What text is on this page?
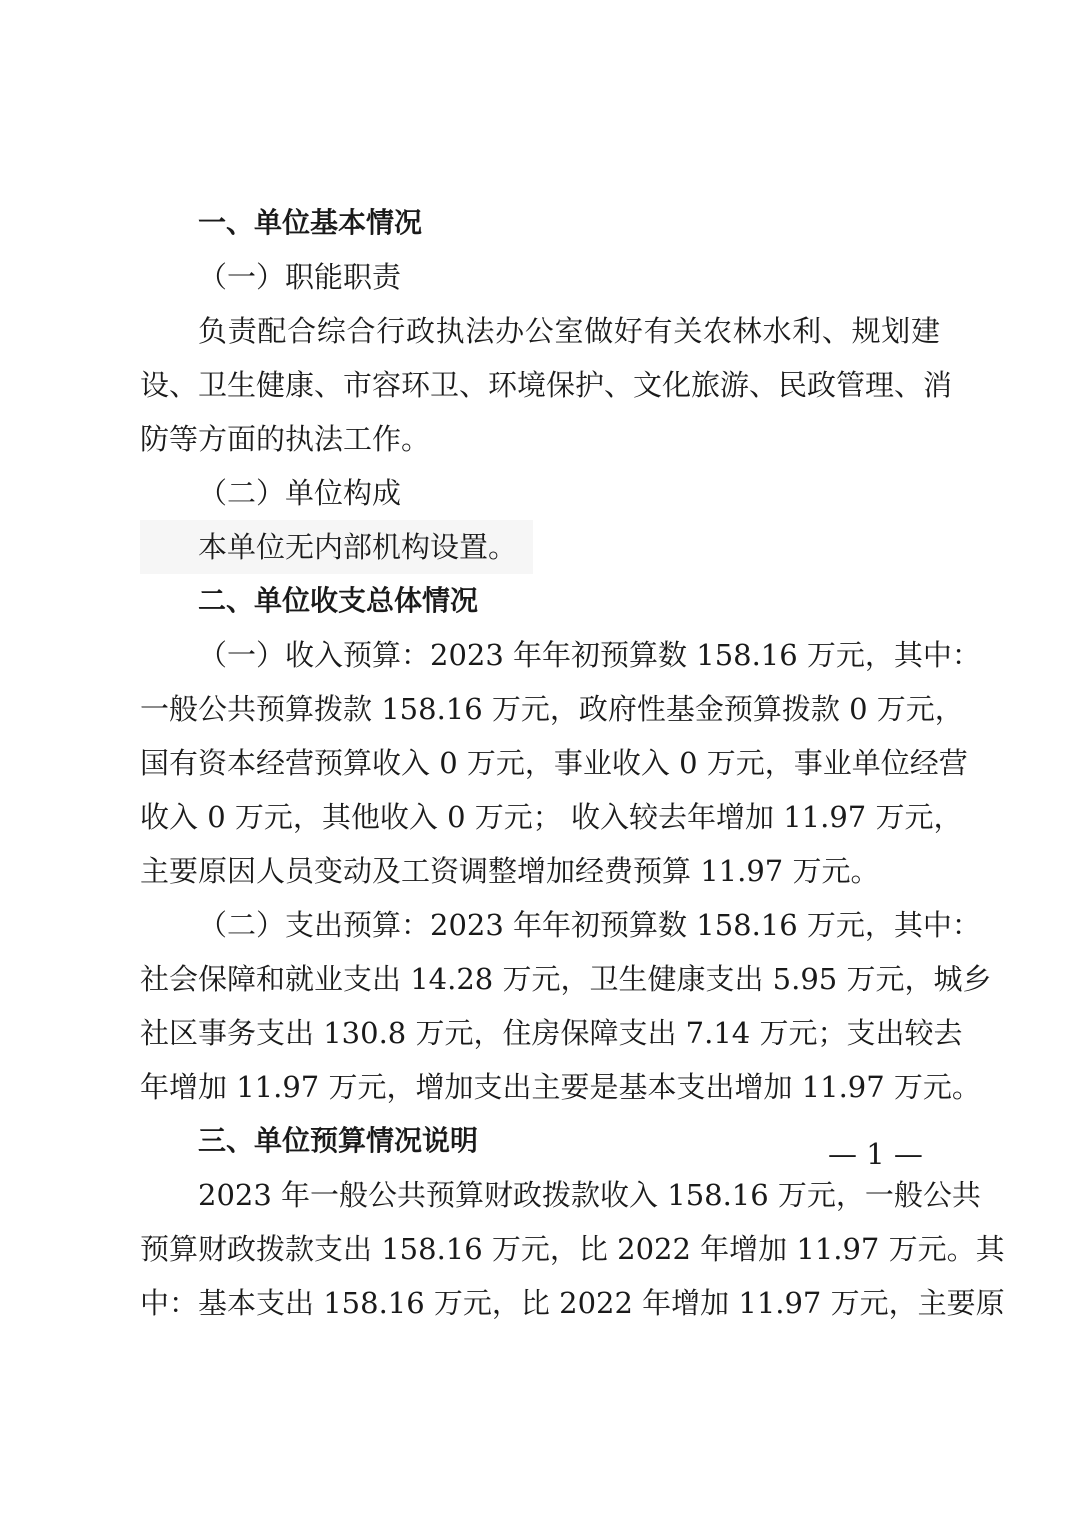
一、单位基本情况
（一）职能职责
负责配合综合行政执法办公室做好有关农林水利、规划建
设、卫生健康、市容环卫、环境保护、文化旅游、民政管理、消
防等方面的执法工作。
（二）单位构成
本单位无内部机构设置。
二、单位收支总体情况
（一）收入预算：2023 年年初预算数 158.16 万元，其中：
一般公共预算拨款 158.16 万元，政府性基金预算拨款 0 万元，
国有资本经营预算收入 0 万元，事业收入 0 万元，事业单位经营
收入 0 万元，其他收入 0 万元； 收入较去年增加 11.97 万元，
主要原因人员变动及工资调整增加经费预算 11.97 万元。
（二）支出预算：2023 年年初预算数 158.16 万元，其中：
社会保障和就业支出 14.28 万元，卫生健康支出 5.95 万元，城乡
社区事务支出 130.8 万元，住房保障支出 7.14 万元；支出较去
年增加 11.97 万元，增加支出主要是基本支出增加 11.97 万元。
三、单位预算情况说明
2023 年一般公共预算财政拨款收入 158.16 万元，一般公共
预算财政拨款支出 158.16 万元，比 2022 年增加 11.97 万元。其
中：基本支出 158.16 万元，比 2022 年增加 11.97 万元，主要原
— 1 —
